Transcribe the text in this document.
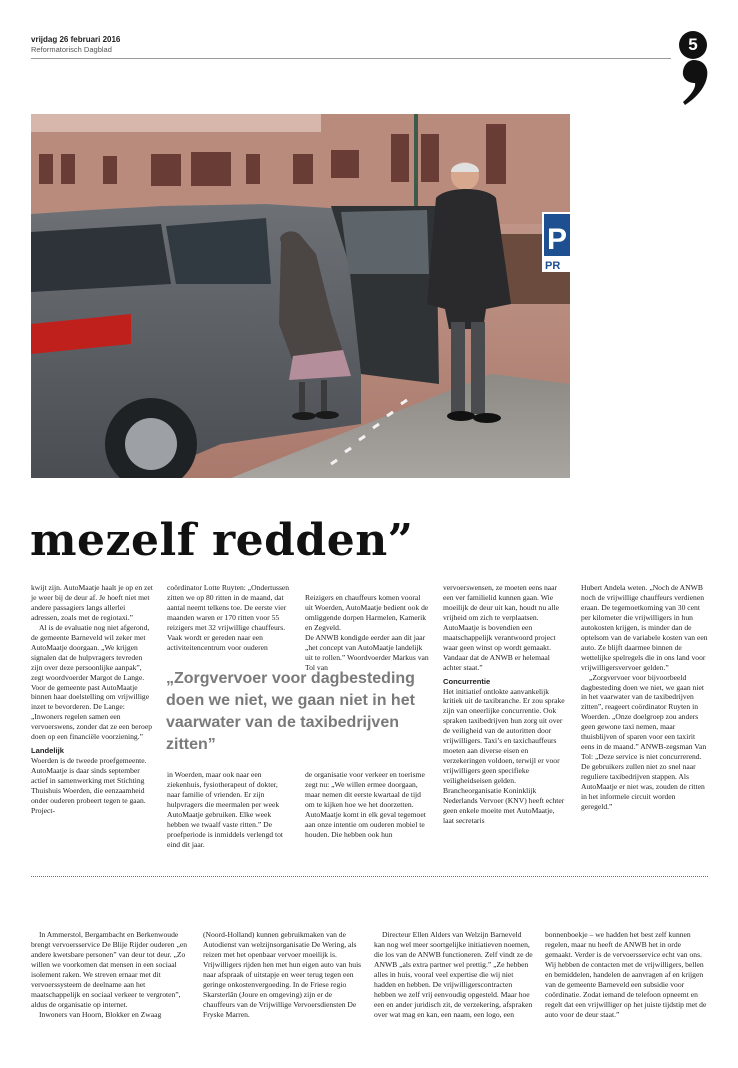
vrijdag 26 februari 2016
Reformatorisch Dagblad	5
P
PR
mezelf redden”

kwijt zijn. AutoMaatje haalt je op en zet je weer bij de deur af. Je hoeft niet met andere passagiers langs allerlei adressen, zoals met de regiotaxi.”

Al is de evaluatie nog niet afgerond, de gemeente Barneveld wil zeker met AutoMaatje doorgaan. „We krijgen signalen dat de hulpvragers tevreden zijn over deze persoonlijke aanpak”, zegt woordvoerder Margot de Lange. Voor de gemeente past AutoMaatje binnen haar doelstelling om vrijwillige inzet te bevorderen. De Lange: „Inwoners regelen samen een vervoerswens, zonder dat ze een beroep doen op een financiële voorziening.”

Landelijk

Woerden is de tweede proefgemeente. AutoMaatje is daar sinds september actief in samenwerking met Stichting Thuishuis Woerden, die eenzaamheid onder ouderen probeert tegen te gaan. Project-

coördinator Lotte Ruyten: „Ondertussen zitten we op 80 ritten in de maand, dat aantal neemt telkens toe. De eerste vier maanden waren er 170 ritten voor 55 reizigers met 32 vrijwillige chauffeurs. Vaak wordt er gereden naar een activiteitencentrum voor ouderen

Reizigers en chauffeurs komen vooral uit Woerden, AutoMaatje bedient ook de omliggende dorpen Harmelen, Kamerik en Zegveld.
De ANWB kondigde eerder aan dit jaar „het concept van AutoMaatje landelijk uit te rollen.” Woordvoerder Markus van Tol van

„Zorgvervoer voor dagbesteding doen we niet, we gaan niet in het vaarwater van de taxibedrijven zitten”

in Woerden, maar ook naar een ziekenhuis, fysiotherapeut of dokter, naar familie of vrienden. Er zijn hulpvragers die meermalen per week AutoMaatje gebruiken. Elke week hebben we twaalf vaste ritten.” De proefperiode is inmiddels verlengd tot eind dit jaar.

de organisatie voor verkeer en toerisme zegt nu: „We willen ermee doorgaan, maar nemen dit eerste kwartaal de tijd om te kijken hoe we het doorzetten. AutoMaatje komt in elk geval tegemoet aan onze intentie om ouderen mobiel te houden. Die hebben ook hun

vervoerswensen, ze moeten eens naar een ver familielid kunnen gaan. Wie moeilijk de deur uit kan, houdt nu alle vrijheid om zich te verplaatsen. AutoMaatje is bovendien een maatschappelijk verantwoord project waar geen winst op wordt gemaakt. Vandaar dat de ANWB er helemaal achter staat.”

Concurrentie

Het initiatief ontlokte aanvankelijk kritiek uit de taxibranche. Er zou sprake zijn van oneerlijke concurrentie. Ook spraken taxibedrijven hun zorg uit over de veiligheid van de autoritten door vrijwilligers. Taxi’s en taxichauffeurs moeten aan diverse eisen en verzekeringen voldoen, terwijl er voor vrijwilligers geen specifieke veiligheidseisen gelden. Brancheorganisatie Koninklijk Nederlands Vervoer (KNV) heeft echter geen enkele moeite met AutoMaatje, laat secretaris

Hubert Andela weten. „Noch de ANWB noch de vrijwillige chauffeurs verdienen eraan. De tegemoetkoming van 30 cent per kilometer die vrijwilligers in hun autokosten krijgen, is minder dan de optelsom van de variabele kosten van een auto. Ze blijft daarmee binnen de wettelijke spelregels die in ons land voor vrijwilligersvervoer gelden.”

„Zorgvervoer voor bijvoorbeeld dagbesteding doen we niet, we gaan niet in het vaarwater van de taxibedrijven zitten”, reageert coördinator Ruyten in Woerden. „Onze doelgroep zou anders geen gewone taxi nemen, maar thuisblijven of sparen voor een taxirit eens in de maand.” ANWB-zegsman Van Tol: „Deze service is niet concurrerend. De gebruikers zullen niet zo snel naar reguliere taxibedrijven stappen. Als AutoMaatje er niet was, zouden de ritten in het informele circuit worden geregeld.”

In Ammerstol, Bergambacht en Berkenwoude brengt vervoersservice De Blije Rijder ouderen „en andere kwetsbare personen” van deur tot deur. „Zo willen we voorkomen dat mensen in een sociaal isolement raken. We streven ernaar met dit vervoerssysteem de deelname aan het maatschappelijk en sociaal verkeer te vergroten”, aldus de organisatie op internet.

Inwoners van Hoorn, Blokker en Zwaag

(Noord-Holland) kunnen gebruikmaken van de Autodienst van welzijnsorganisatie De Wering, als reizen met het openbaar vervoer moeilijk is. Vrijwilligers rijden hen met hun eigen auto van huis naar afspraak of uitstapje en weer terug tegen een geringe onkostenvergoeding. In de Friese regio Skarsterlân (Joure en omgeving) zijn er de chauffeurs van de Vrijwillige Vervoersdiensten De Fryske Marren.

Directeur Ellen Alders van Welzijn Barneveld kan nog wel meer soortgelijke initiatieven noemen, die los van de ANWB functioneren. Zelf vindt ze de ANWB „als extra partner wel prettig.” „Ze hebben alles in huis, vooral veel expertise die wij niet hadden en hebben. De vrijwilligerscontracten hebben we zelf vrij eenvoudig opgesteld. Maar hoe een en ander juridisch zit, de verzekering, afspraken over wat mag en kan, een naam, een logo, een

bonnenboekje – we hadden het best zelf kunnen regelen, maar nu heeft de ANWB het in orde gemaakt. Verder is de vervoersservice echt van ons. Wij hebben de contacten met de vrijwilligers, bellen en bemiddelen, handelen de aanvragen af en krijgen van de gemeente Barneveld een subsidie voor coördinatie. Zodat iemand de telefoon opneemt en regelt dat een vrijwilliger op het juiste tijdstip met de auto voor de deur staat.”
